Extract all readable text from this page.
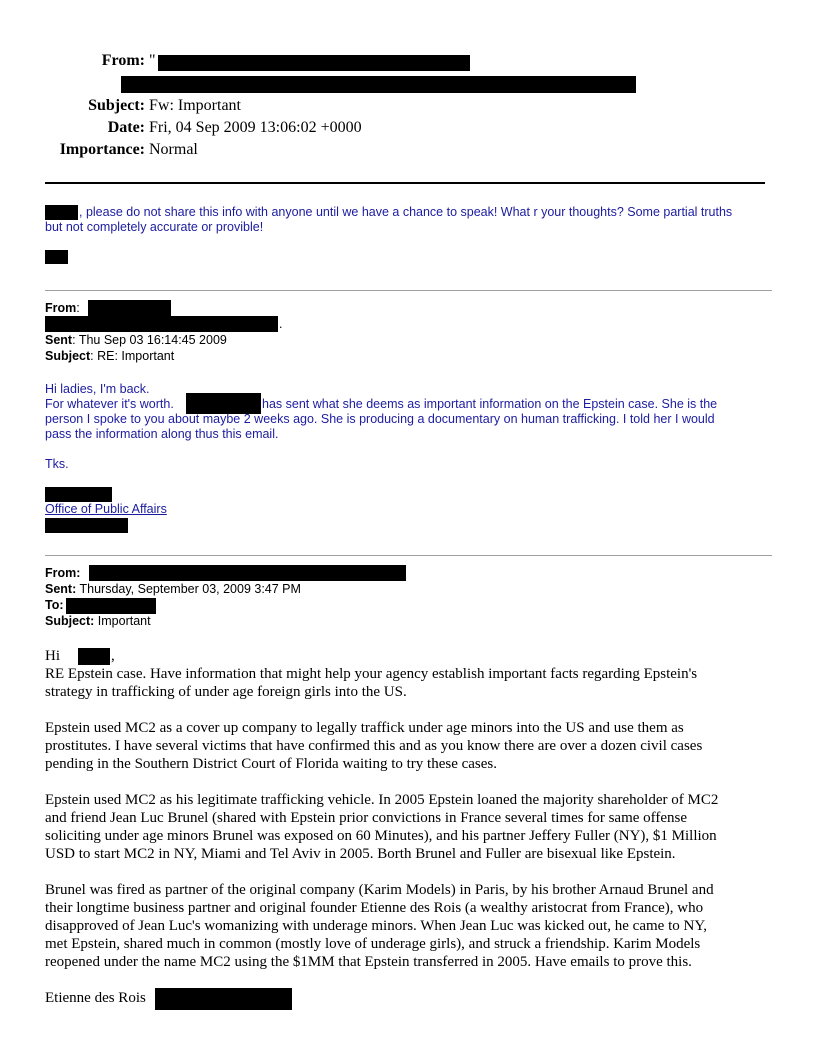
From: "
Subject: Fw: Important
Date: Fri, 04 Sep 2009 13:06:02 +0000
Importance: Normal
, please do not share this info with anyone until we have a chance to speak! What r your thoughts? Some partial truths
but not completely accurate or provible!
From:
.
Sent: Thu Sep 03 16:14:45 2009
Subject: RE: Important
Hi ladies, I'm back.
For whatever it's worth.	has sent what she deems as important information on the Epstein case. She is the
person I spoke to you about maybe 2 weeks ago. She is producing a documentary on human trafficking. I told her I would
pass the information along thus this email.
Tks.
Office of Public Affairs
From:
Sent: Thursday, September 03, 2009 3:47 PM
To:
Subject: Important
Hi	,
RE Epstein case. Have information that might help your agency establish important facts regarding Epstein's
strategy in trafficking of under age foreign girls into the US.
Epstein used MC2 as a cover up company to legally traffick under age minors into the US and use them as
prostitutes. I have several victims that have confirmed this and as you know there are over a dozen civil cases
pending in the Southern District Court of Florida waiting to try these cases.
Epstein used MC2 as his legitimate trafficking vehicle. In 2005 Epstein loaned the majority shareholder of MC2
and friend Jean Luc Brunel (shared with Epstein prior convictions in France several times for same offense
soliciting under age minors Brunel was exposed on 60 Minutes), and his partner Jeffery Fuller (NY), $1 Million
USD to start MC2 in NY, Miami and Tel Aviv in 2005. Borth Brunel and Fuller are bisexual like Epstein.
Brunel was fired as partner of the original company (Karim Models) in Paris, by his brother Arnaud Brunel and
their longtime business partner and original founder Etienne des Rois (a wealthy aristocrat from France), who
disapproved of Jean Luc's womanizing with underage minors. When Jean Luc was kicked out, he came to NY,
met Epstein, shared much in common (mostly love of underage girls), and struck a friendship. Karim Models
reopened under the name MC2 using the $1MM that Epstein transferred in 2005. Have emails to prove this.
Etienne des Rois
